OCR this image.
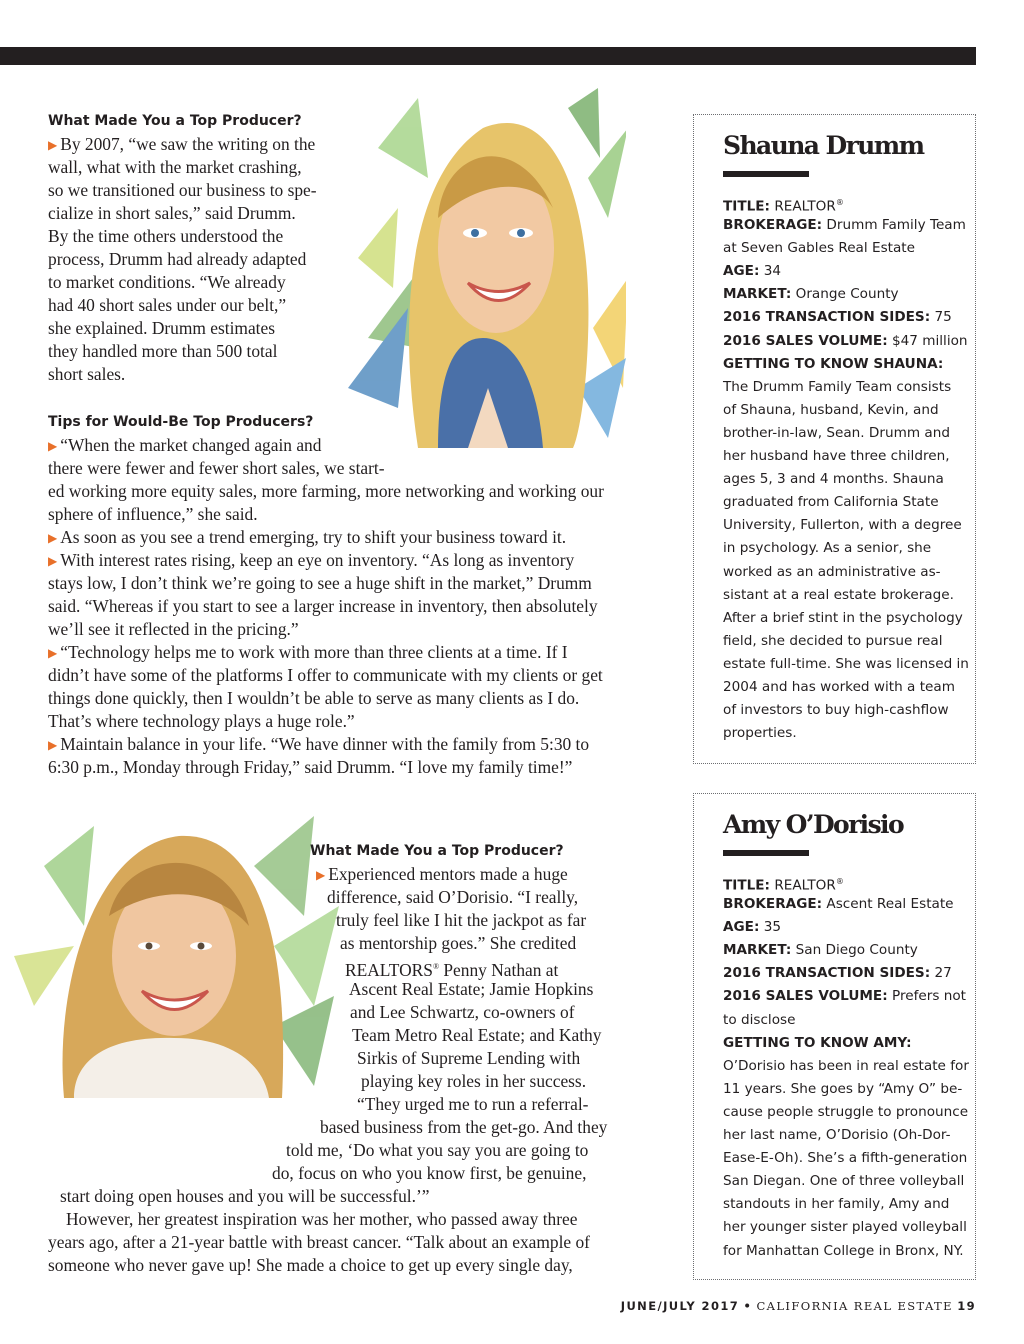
What Made You a Top Producer?
▶ By 2007, “we saw the writing on the
wall, what with the market crashing,
so we transitioned our business to spe-
cialize in short sales,” said Drumm.
By the time others understood the
process, Drumm had already adapted
to market conditions. “We already
had 40 short sales under our belt,”
she explained. Drumm estimates
they handled more than 500 total
short sales.
Tips for Would-Be Top Producers?
▶ “When the market changed again and
there were fewer and fewer short sales, we start-
ed working more equity sales, more farming, more networking and working our
sphere of influence,” she said.
▶ As soon as you see a trend emerging, try to shift your business toward it.
▶ With interest rates rising, keep an eye on inventory. “As long as inventory
stays low, I don’t think we’re going to see a huge shift in the market,” Drumm
said. “Whereas if you start to see a larger increase in inventory, then absolutely
we’ll see it reflected in the pricing.”
▶ “Technology helps me to work with more than three clients at a time. If I
didn’t have some of the platforms I offer to communicate with my clients or get
things done quickly, then I wouldn’t be able to serve as many clients as I do.
That’s where technology plays a huge role.”
▶ Maintain balance in your life. “We have dinner with the family from 5:30 to
6:30 p.m., Monday through Friday,” said Drumm. “I love my family time!”
What Made You a Top Producer?
▶ Experienced mentors made a huge
difference, said O’Dorisio. “I really,
truly feel like I hit the jackpot as far
as mentorship goes.” She credited
REALTORS® Penny Nathan at
Ascent Real Estate; Jamie Hopkins
and Lee Schwartz, co-owners of
Team Metro Real Estate; and Kathy
Sirkis of Supreme Lending with
playing key roles in her success.
“They urged me to run a referral-
based business from the get-go. And they
told me, ‘Do what you say you are going to
do, focus on who you know first, be genuine,
start doing open houses and you will be successful.’”
However, her greatest inspiration was her mother, who passed away three
years ago, after a 21-year battle with breast cancer. “Talk about an example of
someone who never gave up! She made a choice to get up every single day,
Shauna Drumm
TITLE: REALTOR®
BROKERAGE: Drumm Family Team
at Seven Gables Real Estate
AGE: 34
MARKET: Orange County
2016 TRANSACTION SIDES: 75
2016 SALES VOLUME: $47 million
GETTING TO KNOW SHAUNA:
The Drumm Family Team consists
of Shauna, husband, Kevin, and
brother-in-law, Sean. Drumm and
her husband have three children,
ages 5, 3 and 4 months. Shauna
graduated from California State
University, Fullerton, with a degree
in psychology. As a senior, she
worked as an administrative as-
sistant at a real estate brokerage.
After a brief stint in the psychology
field, she decided to pursue real
estate full-time. She was licensed in
2004 and has worked with a team
of investors to buy high-cashflow
properties.
Amy O’Dorisio
TITLE: REALTOR®
BROKERAGE: Ascent Real Estate
AGE: 35
MARKET: San Diego County
2016 TRANSACTION SIDES: 27
2016 SALES VOLUME: Prefers not
to disclose
GETTING TO KNOW AMY:
O’Dorisio has been in real estate for
11 years. She goes by “Amy O” be-
cause people struggle to pronounce
her last name, O’Dorisio (Oh-Dor-
Ease-E-Oh). She’s a fifth-generation
San Diegan. One of three volleyball
standouts in her family, Amy and
her younger sister played volleyball
for Manhattan College in Bronx, NY.
JUNE/JULY 2017 • CALIFORNIA REAL ESTATE 19
